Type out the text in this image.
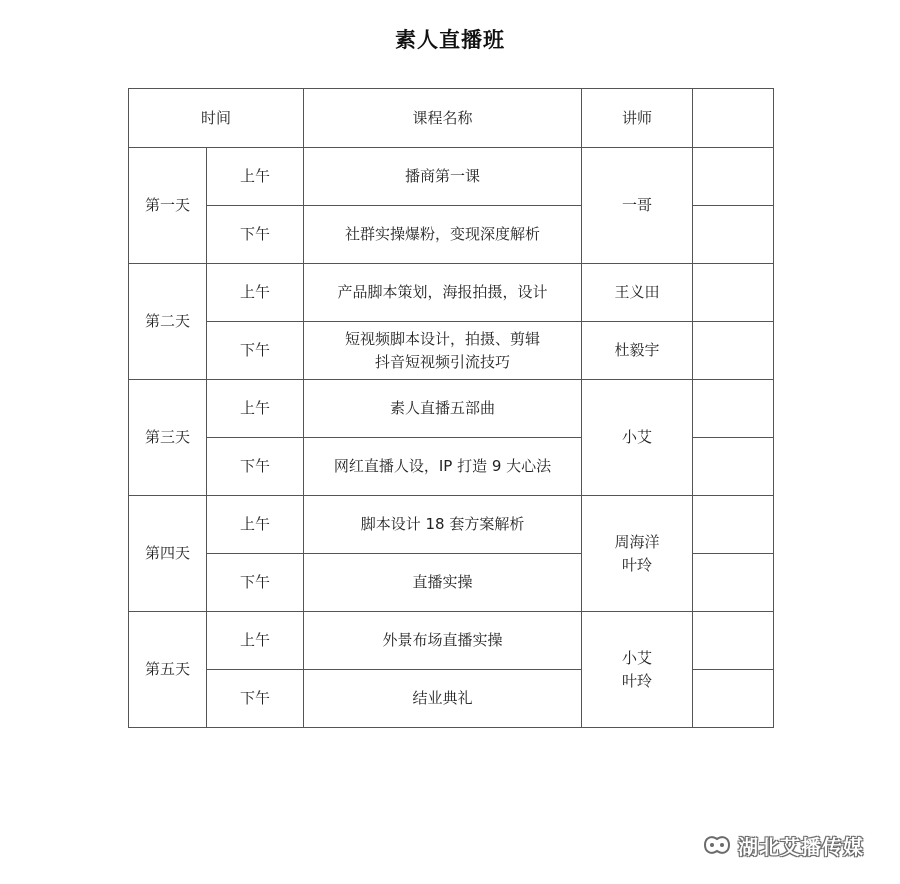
素人直播班
时间		课程名称	讲师	
第一天	上午	播商第一课	一哥	

	下午	社群实操爆粉，变现深度解析		

第二天	上午	产品脚本策划，海报拍摄，设计	王义田	

	下午	短视频脚本设计，拍摄、剪辑
抖音短视频引流技巧	杜毅宇	

第三天	上午	素人直播五部曲	小艾	

	下午	网红直播人设，IP 打造 9 大心法		

第四天	上午	脚本设计 18 套方案解析	周海洋
叶玲	

	下午	直播实操		

第五天	上午	外景布场直播实操	小艾
叶玲	

	下午	结业典礼		

湖北艾播传媒
